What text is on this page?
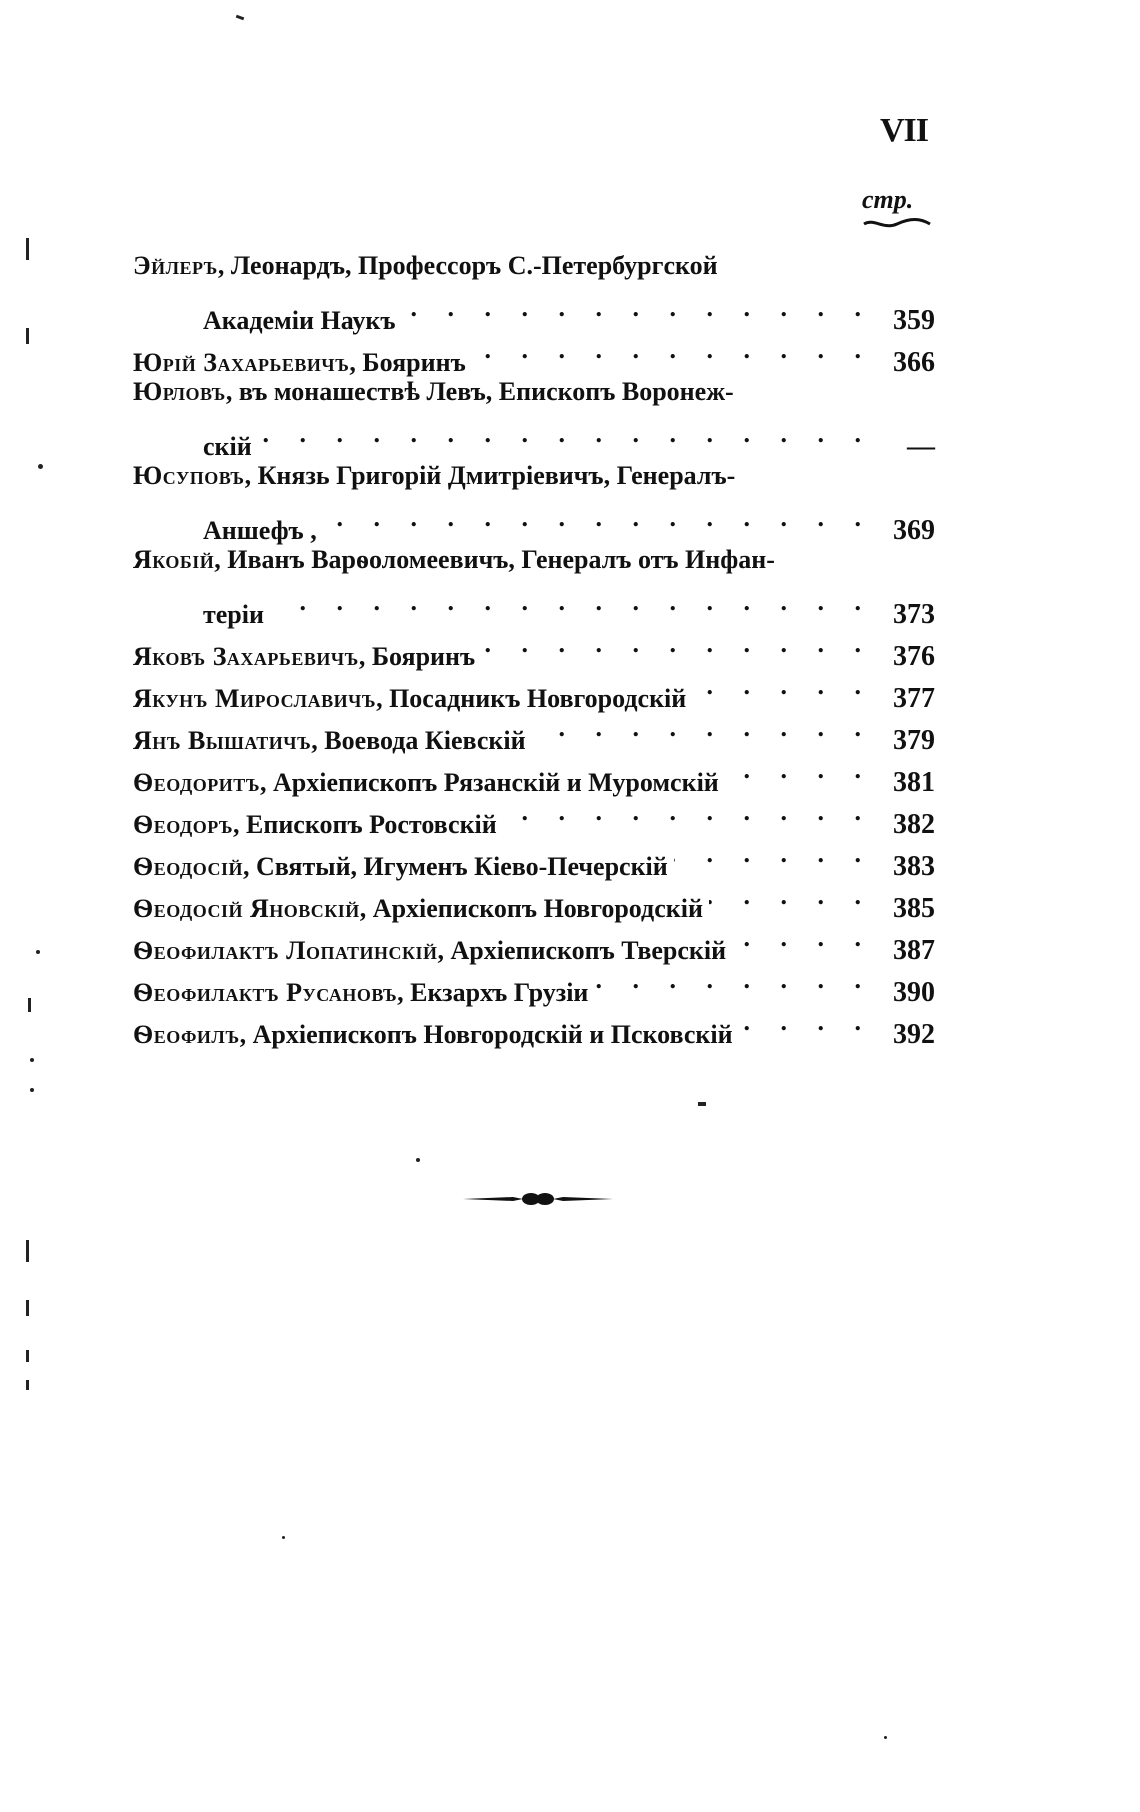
VII
стр.
Эйлеръ , Леонардъ, Профессоръ С.-Петербургской
Академіи Наукъ . . .	359
Юрій Захарьевичъ , Бояринъ . . .	366
Юрловъ , въ монашествѣ Левъ, Епископъ Воронеж-
скій . . .	—
Юсуповъ , Князь Григорій Дмитріевичъ, Генералъ-
Аншефъ , . . .	369
Якобій , Иванъ Варѳоломеевичъ, Генералъ отъ Инфан-
теріи . . .	373
Яковъ Захарьевичъ , Бояринъ . . .	376
Якунъ Мирославичъ , Посадникъ Новгородскій . . .	377
Янъ Вышатичъ , Воевода Кіевскій . . .	379
Ѳеодоритъ , Архіепископъ Рязанскій и Муромскій . . .	381
Ѳеодоръ , Епископъ Ростовскій . . .	382
Ѳеодосій , Святый, Игуменъ Кіево-Печерскій . . .	383
Ѳеодосій Яновскій , Архіепископъ Новгородскій . . .	385
Ѳеофилактъ Лопатинскій , Архіепископъ Тверскій . . .	387
Ѳеофилактъ Русановъ , Екзархъ Грузіи . . .	390
Ѳеофилъ , Архіепископъ Новгородскій и Псковскій . . .	392
